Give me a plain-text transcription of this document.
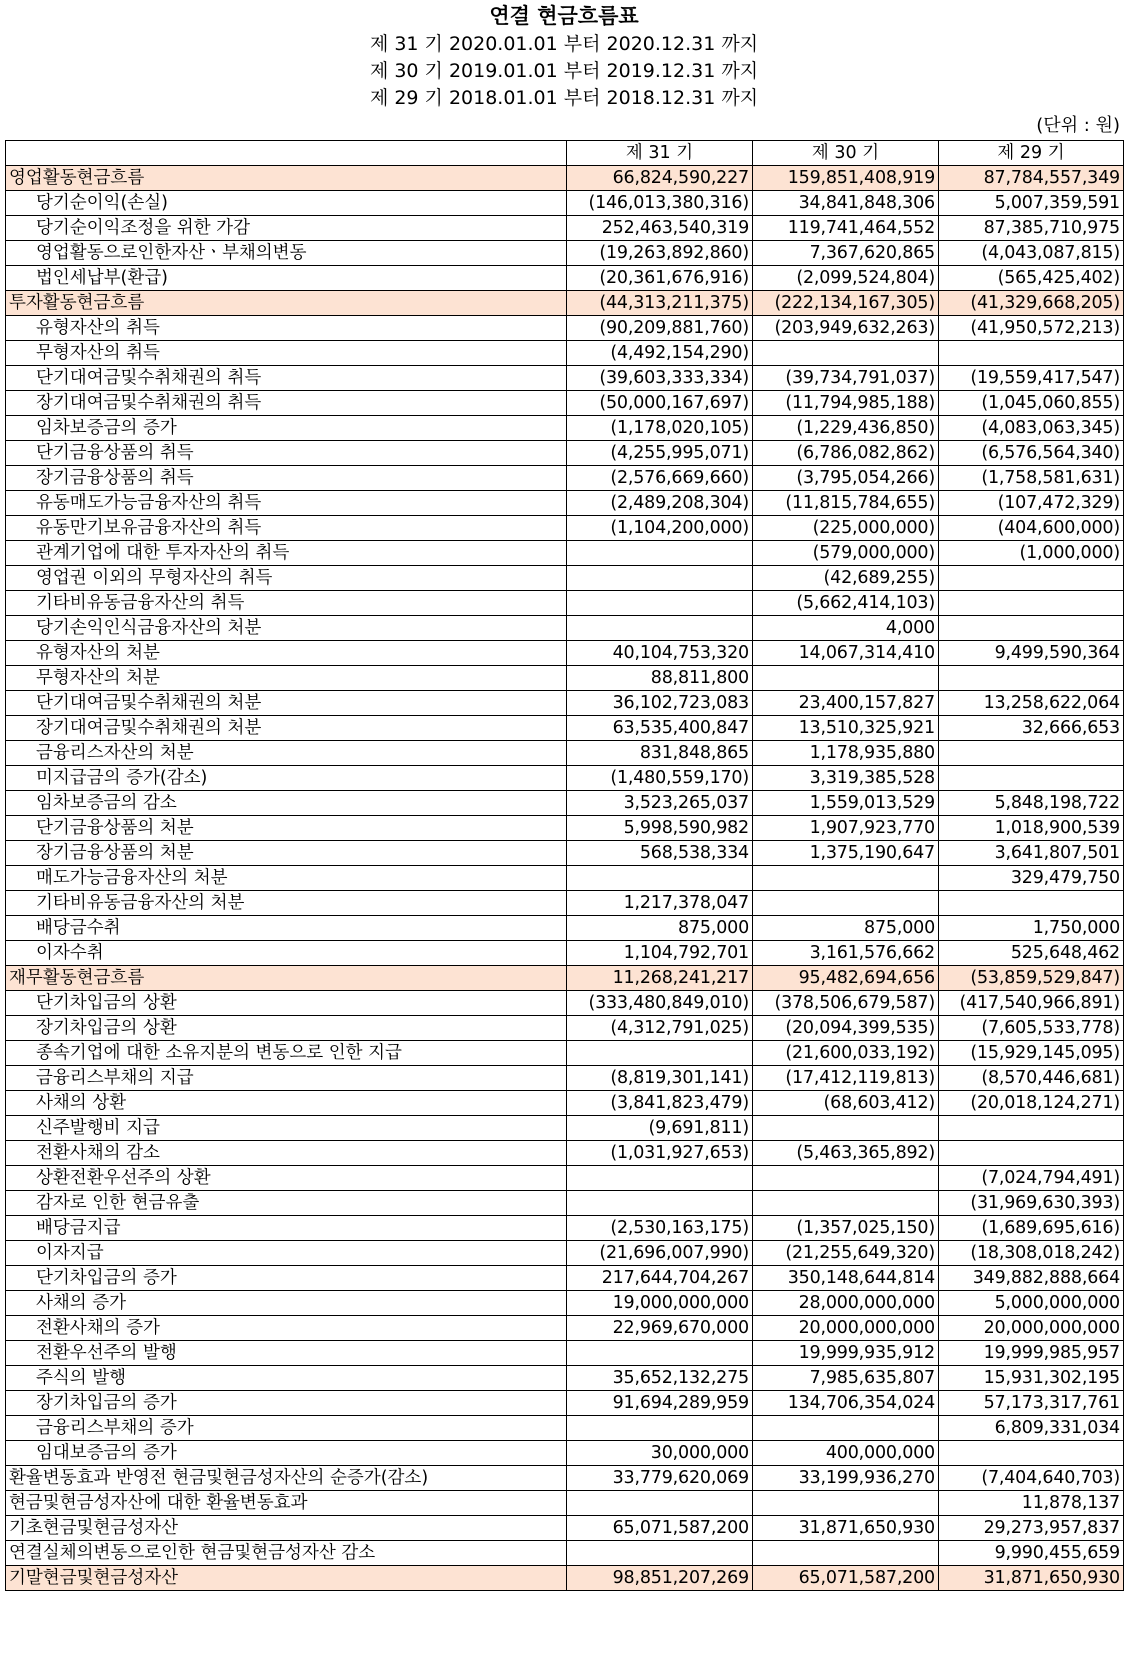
연결 현금흐름표
제 31 기 2020.01.01 부터 2020.12.31 까지
제 30 기 2019.01.01 부터 2019.12.31 까지
제 29 기 2018.01.01 부터 2018.12.31 까지
(단위 : 원)
	제 31 기	제 30 기	제 29 기
영업활동현금흐름	66,824,590,227	159,851,408,919	87,784,557,349
당기순이익(손실)	(146,013,380,316)	34,841,848,306	5,007,359,591
당기순이익조정을 위한 가감	252,463,540,319	119,741,464,552	87,385,710,975
영업활동으로인한자산ㆍ부채의변동	(19,263,892,860)	7,367,620,865	(4,043,087,815)
법인세납부(환급)	(20,361,676,916)	(2,099,524,804)	(565,425,402)
투자활동현금흐름	(44,313,211,375)	(222,134,167,305)	(41,329,668,205)
유형자산의 취득	(90,209,881,760)	(203,949,632,263)	(41,950,572,213)
무형자산의 취득	(4,492,154,290)		
단기대여금및수취채권의 취득	(39,603,333,334)	(39,734,791,037)	(19,559,417,547)
장기대여금및수취채권의 취득	(50,000,167,697)	(11,794,985,188)	(1,045,060,855)
임차보증금의 증가	(1,178,020,105)	(1,229,436,850)	(4,083,063,345)
단기금융상품의 취득	(4,255,995,071)	(6,786,082,862)	(6,576,564,340)
장기금융상품의 취득	(2,576,669,660)	(3,795,054,266)	(1,758,581,631)
유동매도가능금융자산의 취득	(2,489,208,304)	(11,815,784,655)	(107,472,329)
유동만기보유금융자산의 취득	(1,104,200,000)	(225,000,000)	(404,600,000)
관계기업에 대한 투자자산의 취득		(579,000,000)	(1,000,000)
영업권 이외의 무형자산의 취득		(42,689,255)	
기타비유동금융자산의 취득		(5,662,414,103)	
당기손익인식금융자산의 처분		4,000	
유형자산의 처분	40,104,753,320	14,067,314,410	9,499,590,364
무형자산의 처분	88,811,800		
단기대여금및수취채권의 처분	36,102,723,083	23,400,157,827	13,258,622,064
장기대여금및수취채권의 처분	63,535,400,847	13,510,325,921	32,666,653
금융리스자산의 처분	831,848,865	1,178,935,880	
미지급금의 증가(감소)	(1,480,559,170)	3,319,385,528	
임차보증금의 감소	3,523,265,037	1,559,013,529	5,848,198,722
단기금융상품의 처분	5,998,590,982	1,907,923,770	1,018,900,539
장기금융상품의 처분	568,538,334	1,375,190,647	3,641,807,501
매도가능금융자산의 처분			329,479,750
기타비유동금융자산의 처분	1,217,378,047		
배당금수취	875,000	875,000	1,750,000
이자수취	1,104,792,701	3,161,576,662	525,648,462
재무활동현금흐름	11,268,241,217	95,482,694,656	(53,859,529,847)
단기차입금의 상환	(333,480,849,010)	(378,506,679,587)	(417,540,966,891)
장기차입금의 상환	(4,312,791,025)	(20,094,399,535)	(7,605,533,778)
종속기업에 대한 소유지분의 변동으로 인한 지급		(21,600,033,192)	(15,929,145,095)
금융리스부채의 지급	(8,819,301,141)	(17,412,119,813)	(8,570,446,681)
사채의 상환	(3,841,823,479)	(68,603,412)	(20,018,124,271)
신주발행비 지급	(9,691,811)		
전환사채의 감소	(1,031,927,653)	(5,463,365,892)	
상환전환우선주의 상환			(7,024,794,491)
감자로 인한 현금유출			(31,969,630,393)
배당금지급	(2,530,163,175)	(1,357,025,150)	(1,689,695,616)
이자지급	(21,696,007,990)	(21,255,649,320)	(18,308,018,242)
단기차입금의 증가	217,644,704,267	350,148,644,814	349,882,888,664
사채의 증가	19,000,000,000	28,000,000,000	5,000,000,000
전환사채의 증가	22,969,670,000	20,000,000,000	20,000,000,000
전환우선주의 발행		19,999,935,912	19,999,985,957
주식의 발행	35,652,132,275	7,985,635,807	15,931,302,195
장기차입금의 증가	91,694,289,959	134,706,354,024	57,173,317,761
금융리스부채의 증가			6,809,331,034
임대보증금의 증가	30,000,000	400,000,000	
환율변동효과 반영전 현금및현금성자산의 순증가(감소)	33,779,620,069	33,199,936,270	(7,404,640,703)
현금및현금성자산에 대한 환율변동효과			11,878,137
기초현금및현금성자산	65,071,587,200	31,871,650,930	29,273,957,837
연결실체의변동으로인한 현금및현금성자산 감소			9,990,455,659
기말현금및현금성자산	98,851,207,269	65,071,587,200	31,871,650,930
